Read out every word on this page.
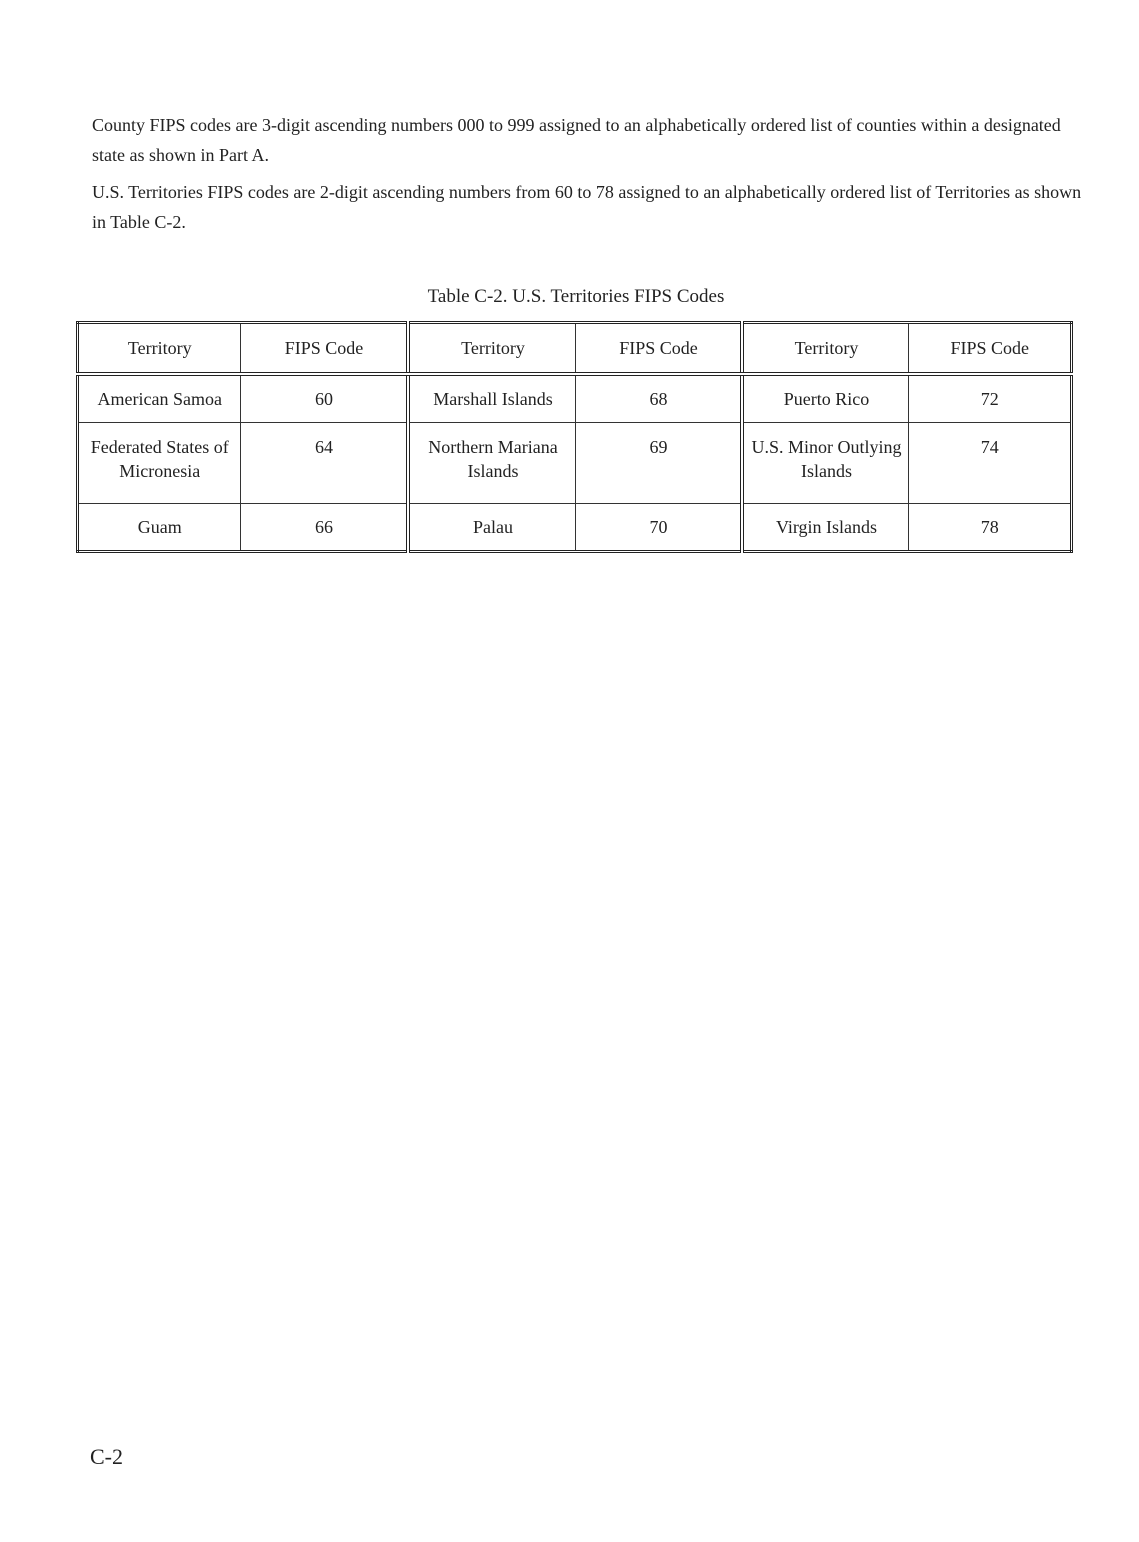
County FIPS codes are 3-digit ascending numbers 000 to 999 assigned to an alphabetically ordered list of counties within a designated state as shown in Part A.

U.S. Territories FIPS codes are 2-digit ascending numbers from 60 to 78 assigned to an alphabetically ordered list of Territories as shown in Table C-2.

Table C-2. U.S. Territories FIPS Codes
Territory	FIPS Code	Territory	FIPS Code	Territory	FIPS Code
American Samoa	60	Marshall Islands	68	Puerto Rico	72
Federated States of Micronesia	64	Northern Mariana Islands	69	U.S. Minor Outlying Islands	74
Guam	66	Palau	70	Virgin Islands	78
C-2
